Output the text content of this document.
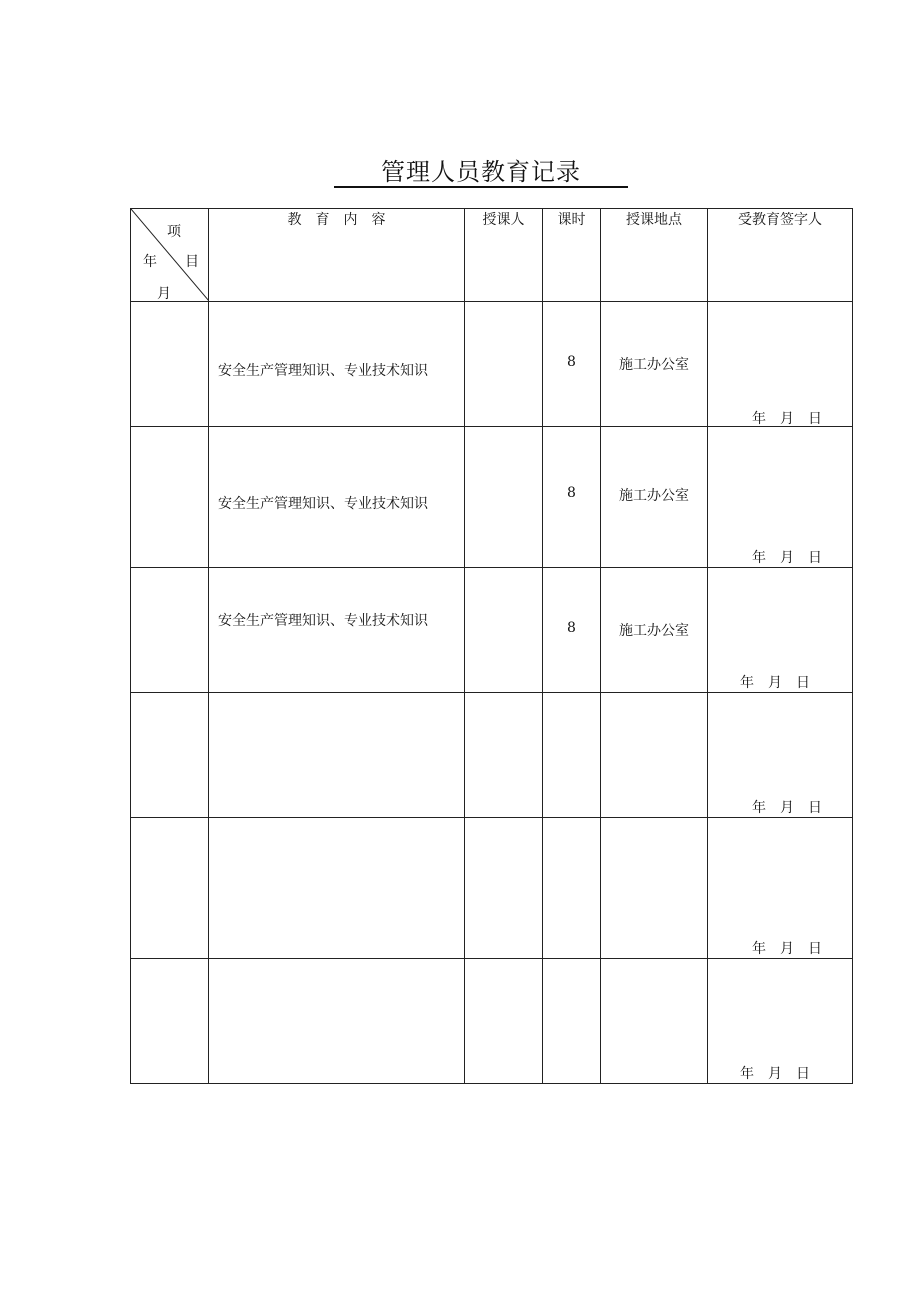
管理人员教育记录
项
年 目
月	教　育　内　容	授课人	课时	授课地点	受教育签字人

	安全生产管理知识、专业技术知识		8	施工办公室	年　月　日

	安全生产管理知识、专业技术知识		8	施工办公室	年　月　日

	安全生产管理知识、专业技术知识		8	施工办公室	年　月　日

					年　月　日

					年　月　日

					年　月　日
